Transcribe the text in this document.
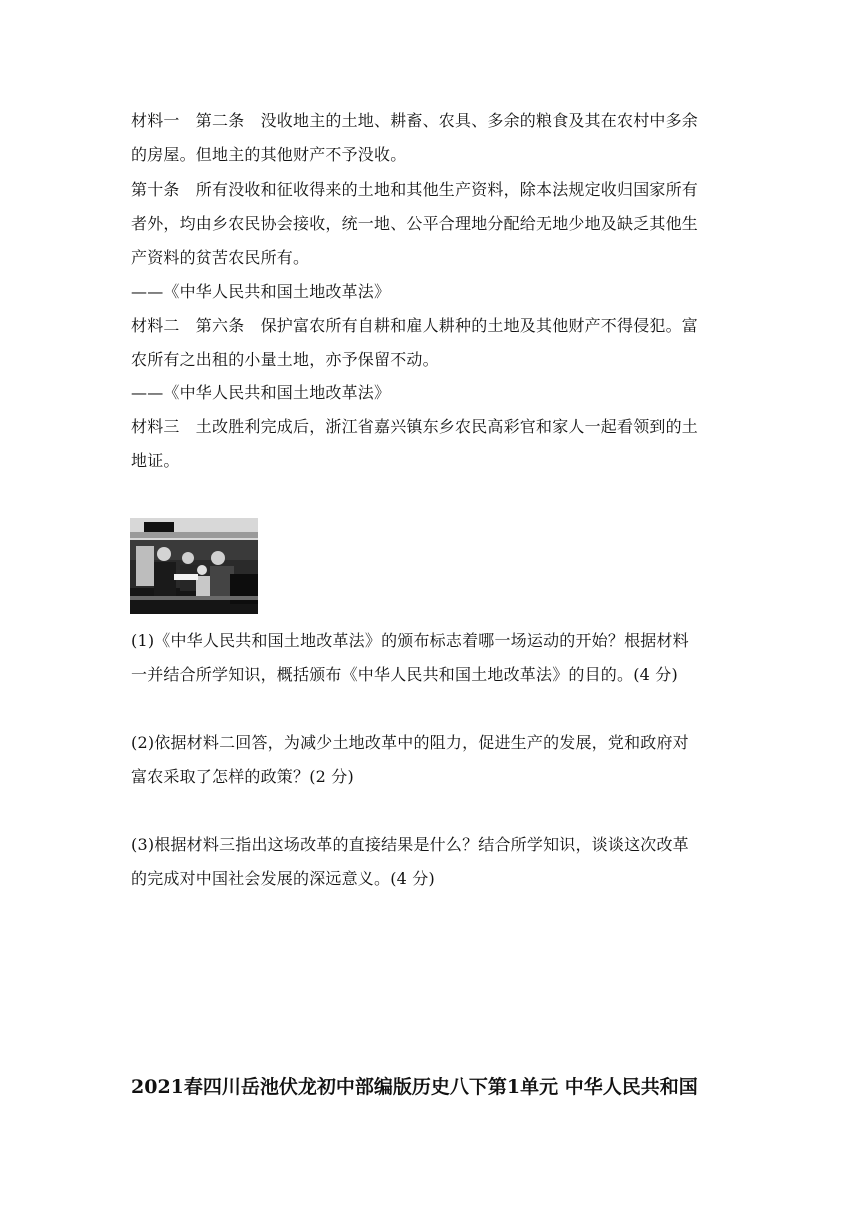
材料一　第二条　没收地主的土地、耕畜、农具、多余的粮食及其在农村中多余
的房屋。但地主的其他财产不予没收。
第十条　所有没收和征收得来的土地和其他生产资料，除本法规定收归国家所有
者外，均由乡农民协会接收，统一地、公平合理地分配给无地少地及缺乏其他生
产资料的贫苦农民所有。
——《中华人民共和国土地改革法》
材料二　第六条　保护富农所有自耕和雇人耕种的土地及其他财产不得侵犯。富
农所有之出租的小量土地，亦予保留不动。
——《中华人民共和国土地改革法》
材料三　土改胜利完成后，浙江省嘉兴镇东乡农民高彩官和家人一起看领到的土
地证。
(1)《中华人民共和国土地改革法》的颁布标志着哪一场运动的开始？根据材料
一并结合所学知识，概括颁布《中华人民共和国土地改革法》的目的。(4 分)
(2)依据材料二回答，为减少土地改革中的阻力，促进生产的发展，党和政府对
富农采取了怎样的政策？(2 分)
(3)根据材料三指出这场改革的直接结果是什么？结合所学知识，谈谈这次改革
的完成对中国社会发展的深远意义。(4 分)
2021春四川岳池伏龙初中部编版历史八下第1单元 中华人民共和国
